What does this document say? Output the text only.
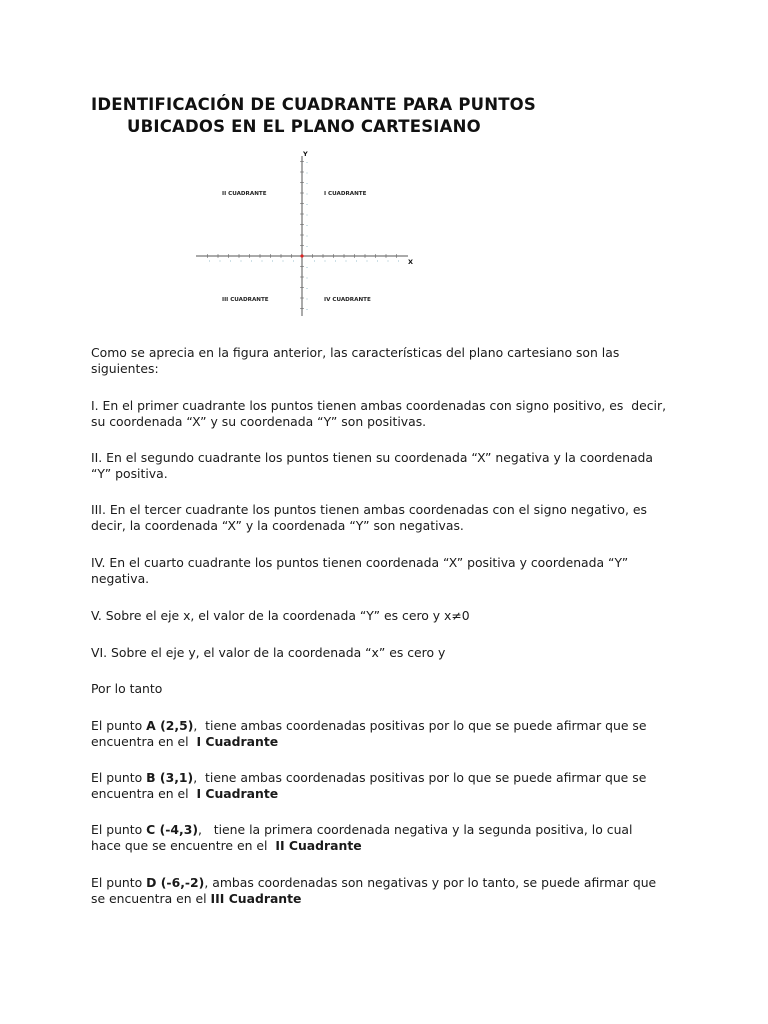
IDENTIFICACIÓN DE CUADRANTE PARA PUNTOS
UBICADOS EN EL PLANO CARTESIANO
Y
X
II CUADRANTE	I CUADRANTE
III CUADRANTE	IV CUADRANTE

Como se aprecia en la figura anterior, las características del plano cartesiano son las
siguientes:

I. En el primer cuadrante los puntos tienen ambas coordenadas con signo positivo, es  decir,
su coordenada “X” y su coordenada “Y” son positivas.

II. En el segundo cuadrante los puntos tienen su coordenada “X” negativa y la coordenada
“Y” positiva.

III. En el tercer cuadrante los puntos tienen ambas coordenadas con el signo negativo, es
decir, la coordenada “X” y la coordenada “Y” son negativas.

IV. En el cuarto cuadrante los puntos tienen coordenada “X” positiva y coordenada “Y”
negativa.

V. Sobre el eje x, el valor de la coordenada “Y” es cero y x≠0

VI. Sobre el eje y, el valor de la coordenada “x” es cero y

Por lo tanto

El punto A (2,5),  tiene ambas coordenadas positivas por lo que se puede afirmar que se
encuentra en el  I Cuadrante

El punto B (3,1),  tiene ambas coordenadas positivas por lo que se puede afirmar que se
encuentra en el  I Cuadrante

El punto C (-4,3),   tiene la primera coordenada negativa y la segunda positiva, lo cual
hace que se encuentre en el  II Cuadrante

El punto D (-6,-2), ambas coordenadas son negativas y por lo tanto, se puede afirmar que
se encuentra en el III Cuadrante
